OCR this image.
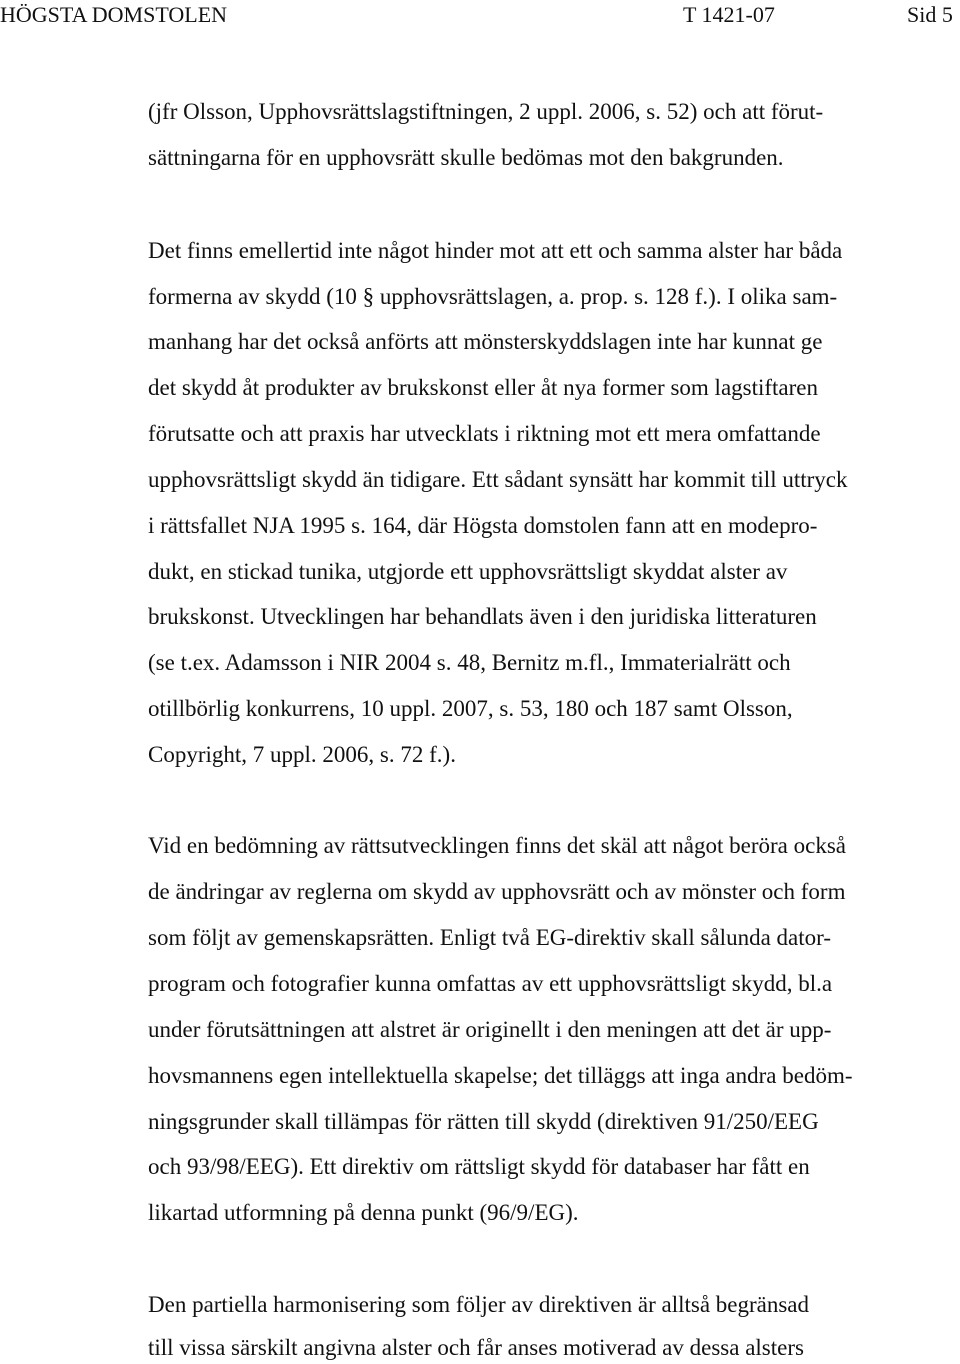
HÖGSTA DOMSTOLEN	T 1421-07	Sid 5
(jfr Olsson, Upphovsrättslagstiftningen, 2 uppl. 2006, s. 52) och att förut-
sättningarna för en upphovsrätt skulle bedömas mot den bakgrunden.
Det finns emellertid inte något hinder mot att ett och samma alster har båda
formerna av skydd (10 § upphovsrättslagen, a. prop. s. 128 f.). I olika sam-
manhang har det också anförts att mönsterskyddslagen inte har kunnat ge
det skydd åt produkter av brukskonst eller åt nya former som lagstiftaren
förutsatte och att praxis har utvecklats i riktning mot ett mera omfattande
upphovsrättsligt skydd än tidigare. Ett sådant synsätt har kommit till uttryck
i rättsfallet NJA 1995 s. 164, där Högsta domstolen fann att en modepro-
dukt, en stickad tunika, utgjorde ett upphovsrättsligt skyddat alster av
brukskonst. Utvecklingen har behandlats även i den juridiska litteraturen
(se t.ex. Adamsson i NIR 2004 s. 48, Bernitz m.fl., Immaterialrätt och
otillbörlig konkurrens, 10 uppl. 2007, s. 53, 180 och 187 samt Olsson,
Copyright, 7 uppl. 2006, s. 72 f.).
Vid en bedömning av rättsutvecklingen finns det skäl att något beröra också
de ändringar av reglerna om skydd av upphovsrätt och av mönster och form
som följt av gemenskapsrätten. Enligt två EG-direktiv skall sålunda dator-
program och fotografier kunna omfattas av ett upphovsrättsligt skydd, bl.a
under förutsättningen att alstret är originellt i den meningen att det är upp-
hovsmannens egen intellektuella skapelse; det tilläggs att inga andra bedöm-
ningsgrunder skall tillämpas för rätten till skydd (direktiven 91/250/EEG
och 93/98/EEG). Ett direktiv om rättsligt skydd för databaser har fått en
likartad utformning på denna punkt (96/9/EG).
Den partiella harmonisering som följer av direktiven är alltså begränsad
till vissa särskilt angivna alster och får anses motiverad av dessa alsters
